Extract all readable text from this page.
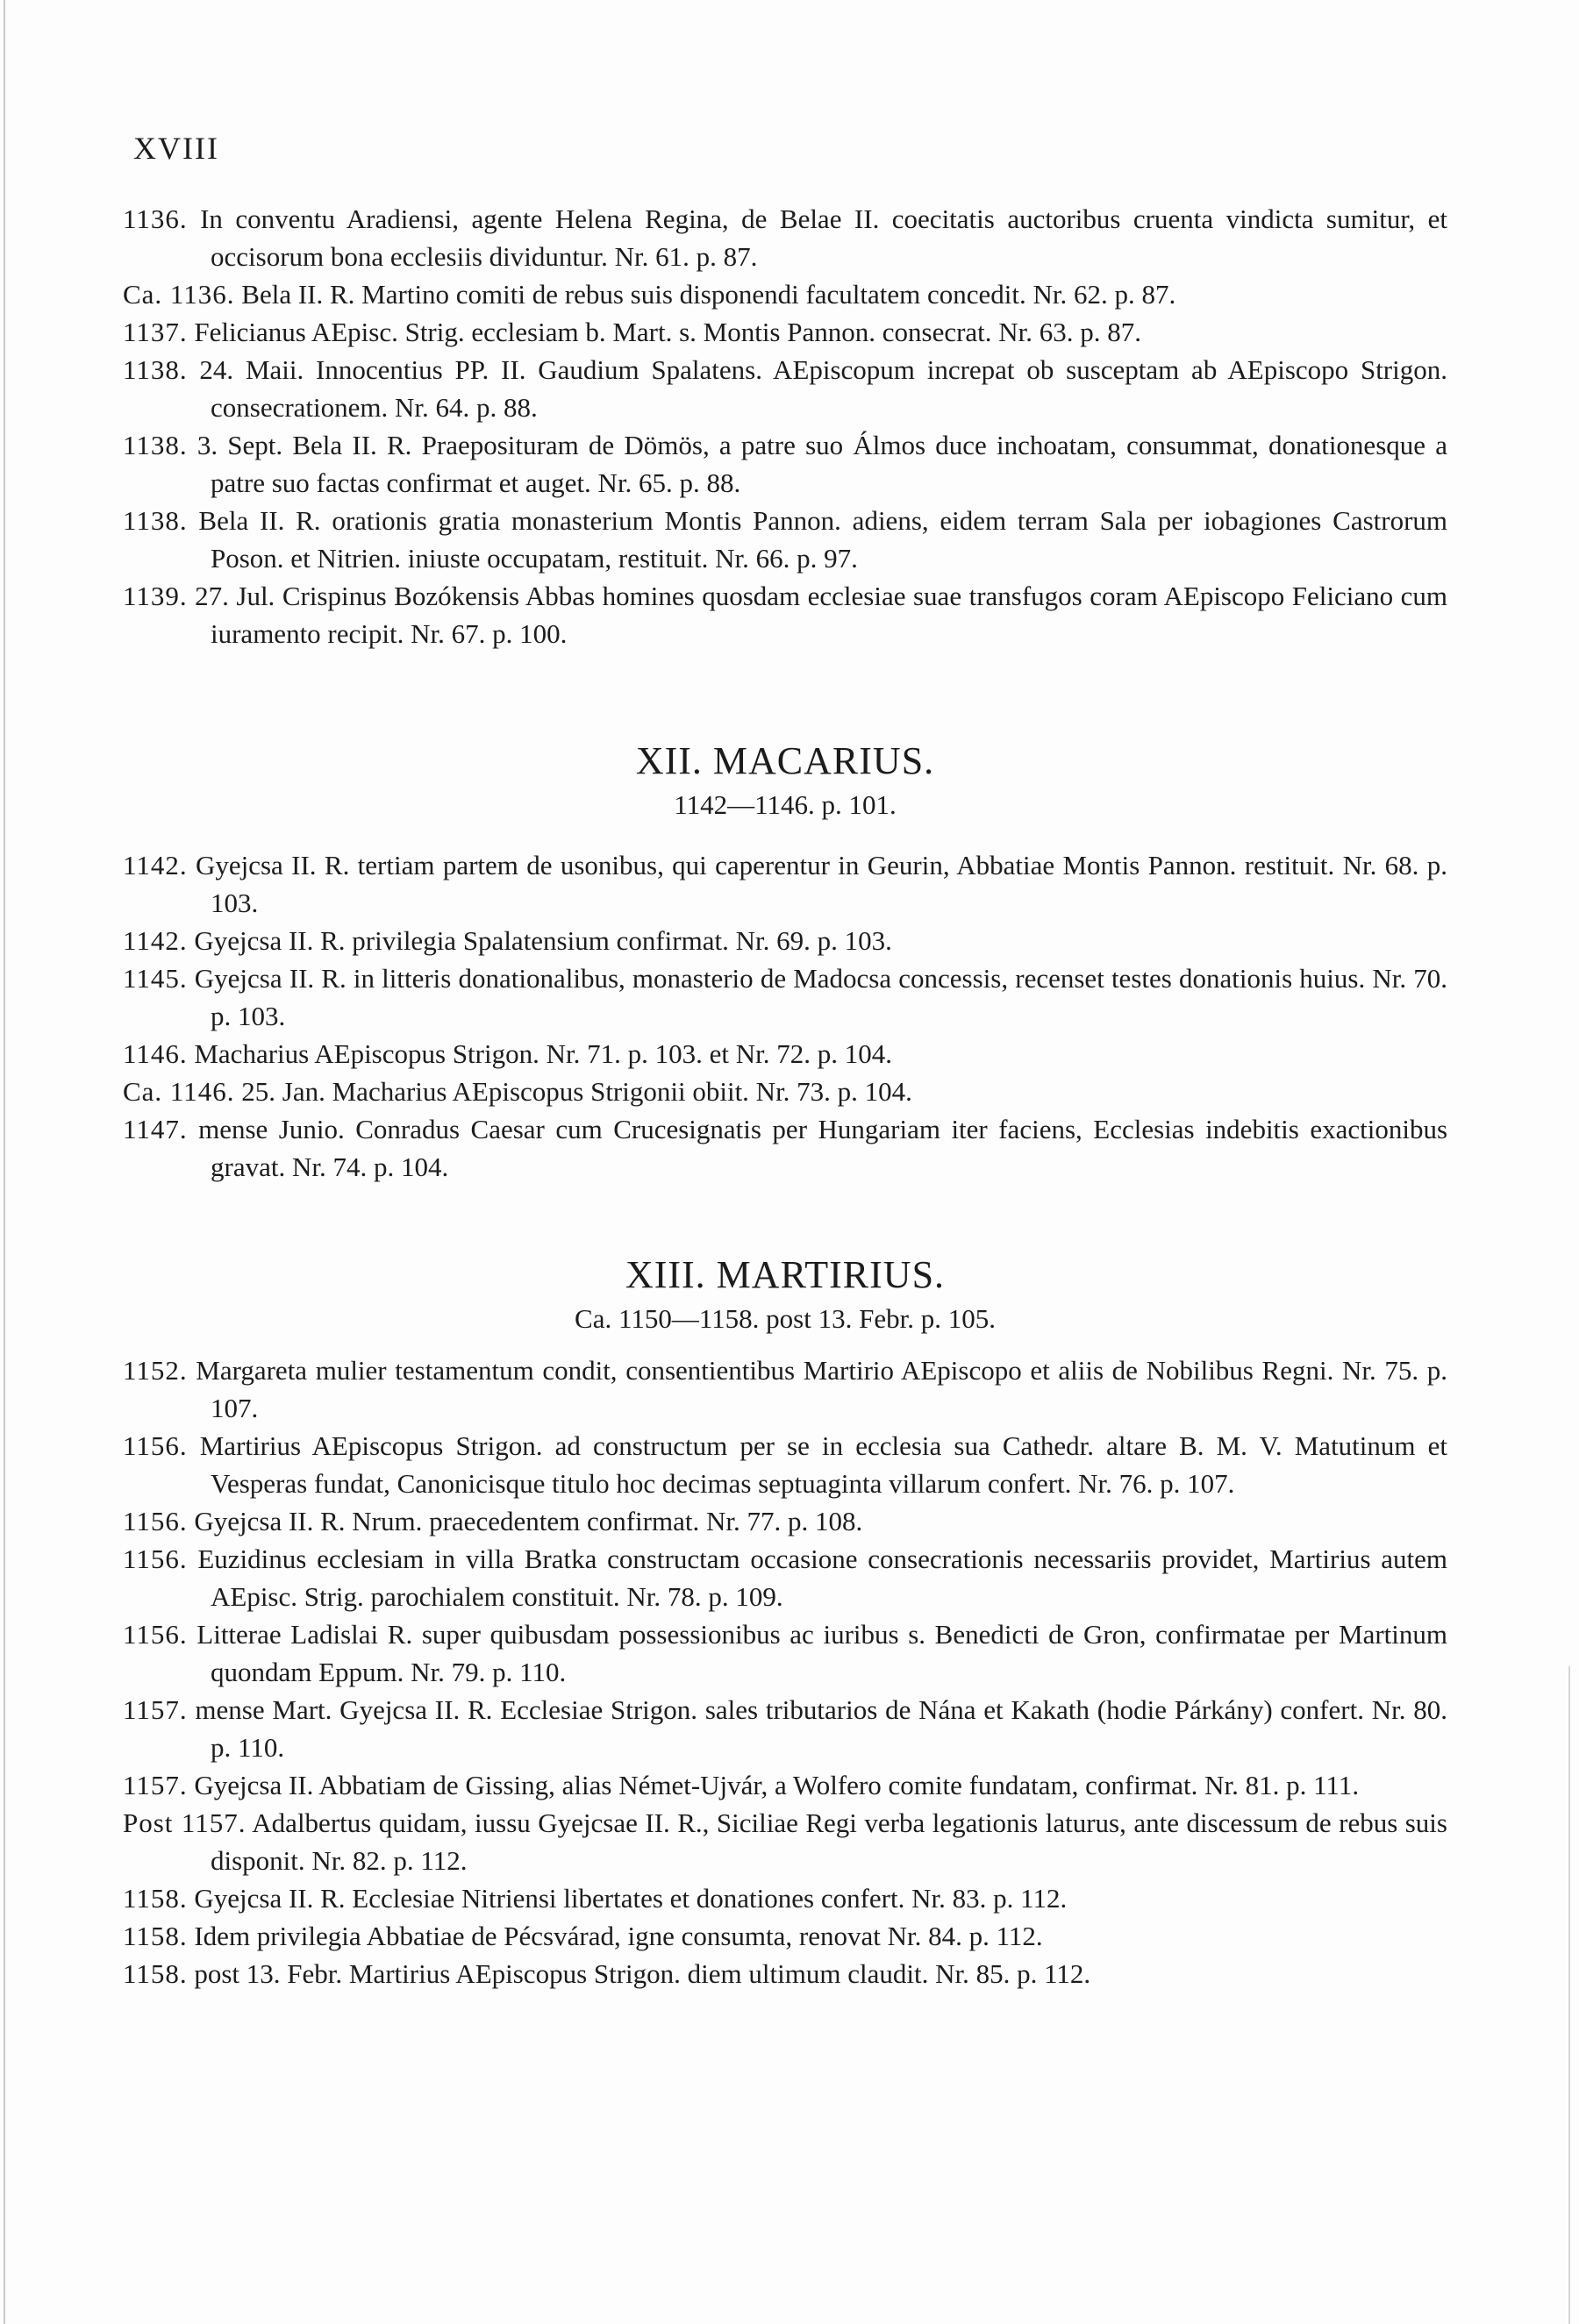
XVIII

1136. In conventu Aradiensi, agente Helena Regina, de Belae II. coecitatis auctoribus cruenta vindicta sumitur, et occisorum bona ecclesiis dividuntur. Nr. 61. p. 87.

Ca. 1136. Bela II. R. Martino comiti de rebus suis disponendi facultatem concedit. Nr. 62. p. 87.

1137. Felicianus AEpisc. Strig. ecclesiam b. Mart. s. Montis Pannon. consecrat. Nr. 63. p. 87.

1138. 24. Maii. Innocentius PP. II. Gaudium Spalatens. AEpiscopum increpat ob susceptam ab AEpiscopo Strigon. consecrationem. Nr. 64. p. 88.

1138. 3. Sept. Bela II. R. Praeposituram de Dömös, a patre suo Álmos duce inchoatam, consummat, donationesque a patre suo factas confirmat et auget. Nr. 65. p. 88.

1138. Bela II. R. orationis gratia monasterium Montis Pannon. adiens, eidem terram Sala per iobagiones Castrorum Poson. et Nitrien. iniuste occupatam, restituit. Nr. 66. p. 97.

1139. 27. Jul. Crispinus Bozókensis Abbas homines quosdam ecclesiae suae transfugos coram AEpiscopo Feliciano cum iuramento recipit. Nr. 67. p. 100.

XII. MACARIUS.

1142—1146. p. 101.

1142. Gyejcsa II. R. tertiam partem de usonibus, qui caperentur in Geurin, Abbatiae Montis Pannon. restituit. Nr. 68. p. 103.

1142. Gyejcsa II. R. privilegia Spalatensium confirmat. Nr. 69. p. 103.

1145. Gyejcsa II. R. in litteris donationalibus, monasterio de Madocsa concessis, recenset testes donationis huius. Nr. 70. p. 103.

1146. Macharius AEpiscopus Strigon. Nr. 71. p. 103. et Nr. 72. p. 104.

Ca. 1146. 25. Jan. Macharius AEpiscopus Strigonii obiit. Nr. 73. p. 104.

1147. mense Junio. Conradus Caesar cum Crucesignatis per Hungariam iter faciens, Ecclesias indebitis exactionibus gravat. Nr. 74. p. 104.

XIII. MARTIRIUS.

Ca. 1150—1158. post 13. Febr. p. 105.

1152. Margareta mulier testamentum condit, consentientibus Martirio AEpiscopo et aliis de Nobilibus Regni. Nr. 75. p. 107.

1156. Martirius AEpiscopus Strigon. ad constructum per se in ecclesia sua Cathedr. altare B. M. V. Matutinum et Vesperas fundat, Canonicisque titulo hoc decimas septuaginta villarum confert. Nr. 76. p. 107.

1156. Gyejcsa II. R. Nrum. praecedentem confirmat. Nr. 77. p. 108.

1156. Euzidinus ecclesiam in villa Bratka constructam occasione consecrationis necessariis providet, Martirius autem AEpisc. Strig. parochialem constituit. Nr. 78. p. 109.

1156. Litterae Ladislai R. super quibusdam possessionibus ac iuribus s. Benedicti de Gron, confirmatae per Martinum quondam Eppum. Nr. 79. p. 110.

1157. mense Mart. Gyejcsa II. R. Ecclesiae Strigon. sales tributarios de Nána et Kakath (hodie Párkány) confert. Nr. 80. p. 110.

1157. Gyejcsa II. Abbatiam de Gissing, alias Német-Ujvár, a Wolfero comite fundatam, confirmat. Nr. 81. p. 111.

Post 1157. Adalbertus quidam, iussu Gyejcsae II. R., Siciliae Regi verba legationis laturus, ante discessum de rebus suis disponit. Nr. 82. p. 112.

1158. Gyejcsa II. R. Ecclesiae Nitriensi libertates et donationes confert. Nr. 83. p. 112.

1158. Idem privilegia Abbatiae de Pécsvárad, igne consumta, renovat Nr. 84. p. 112.

1158. post 13. Febr. Martirius AEpiscopus Strigon. diem ultimum claudit. Nr. 85. p. 112.
